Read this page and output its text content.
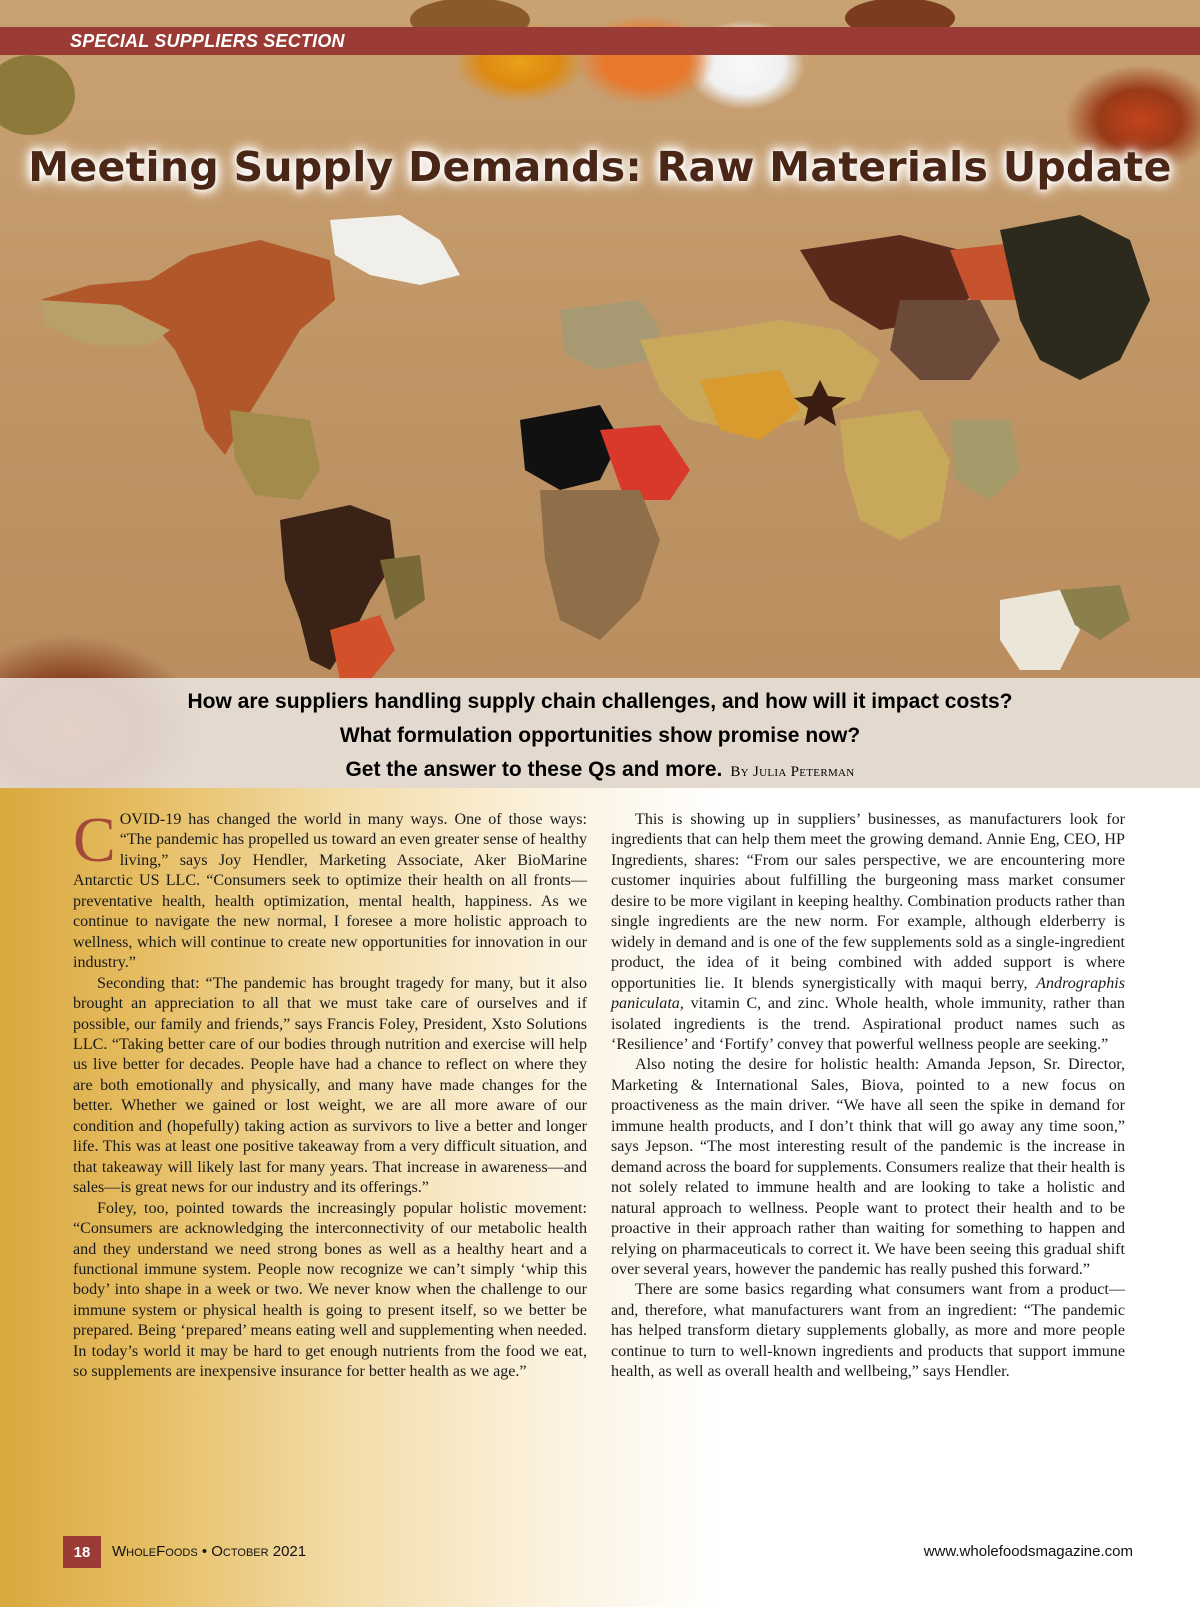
SPECIAL SUPPLIERS SECTION
Meeting Supply Demands: Raw Materials Update
How are suppliers handling supply chain challenges, and how will it impact costs?
What formulation opportunities show promise now?
Get the answer to these Qs and more. By Julia Peterman

COVID-19 has changed the world in many ways. One of those ways: “The pandemic has propelled us toward an even greater sense of healthy living,” says Joy Hendler, Marketing Associate, Aker BioMarine Antarctic US LLC. “Consumers seek to optimize their health on all fronts—preventative health, health optimization, mental health, happiness. As we continue to navigate the new normal, I foresee a more holistic approach to wellness, which will continue to create new opportunities for innovation in our industry.”

Seconding that: “The pandemic has brought tragedy for many, but it also brought an appreciation to all that we must take care of ourselves and if possible, our family and friends,” says Francis Foley, President, Xsto Solutions LLC. “Taking better care of our bodies through nutrition and exercise will help us live better for decades. People have had a chance to reflect on where they are both emotionally and physically, and many have made changes for the better. Whether we gained or lost weight, we are all more aware of our condition and (hopefully) taking action as survivors to live a better and longer life. This was at least one positive takeaway from a very difficult situation, and that takeaway will likely last for many years. That increase in awareness—and sales—is great news for our industry and its offerings.”

Foley, too, pointed towards the increasingly popular holistic movement: “Consumers are acknowledging the interconnectivity of our metabolic health and they understand we need strong bones as well as a healthy heart and a functional immune system. People now recognize we can’t simply ‘whip this body’ into shape in a week or two. We never know when the challenge to our immune system or physical health is going to present itself, so we better be prepared. Being ‘prepared’ means eating well and supplementing when needed. In today’s world it may be hard to get enough nutrients from the food we eat, so supplements are inexpensive insurance for better health as we age.”

This is showing up in suppliers’ businesses, as manufacturers look for ingredients that can help them meet the growing demand. Annie Eng, CEO, HP Ingredients, shares: “From our sales perspective, we are encountering more customer inquiries about fulfilling the burgeoning mass market consumer desire to be more vigilant in keeping healthy. Combination products rather than single ingredients are the new norm. For example, although elderberry is widely in demand and is one of the few supplements sold as a single-ingredient product, the idea of it being combined with added support is where opportunities lie. It blends synergistically with maqui berry, Andrographis paniculata, vitamin C, and zinc. Whole health, whole immunity, rather than isolated ingredients is the trend. Aspirational product names such as ‘Resilience’ and ‘Fortify’ convey that powerful wellness people are seeking.”

Also noting the desire for holistic health: Amanda Jepson, Sr. Director, Marketing & International Sales, Biova, pointed to a new focus on proactiveness as the main driver. “We have all seen the spike in demand for immune health products, and I don’t think that will go away any time soon,” says Jepson. “The most interesting result of the pandemic is the increase in demand across the board for supplements. Consumers realize that their health is not solely related to immune health and are looking to take a holistic and natural approach to wellness. People want to protect their health and to be proactive in their approach rather than waiting for something to happen and relying on pharmaceuticals to correct it. We have been seeing this gradual shift over several years, however the pandemic has really pushed this forward.”

There are some basics regarding what consumers want from a product—and, therefore, what manufacturers want from an ingredient: “The pandemic has helped transform dietary supplements globally, as more and more people continue to turn to well-known ingredients and products that support immune health, as well as overall health and wellbeing,” says Hendler.

18	WholeFoods • October 2021	www.wholefoodsmagazine.com
